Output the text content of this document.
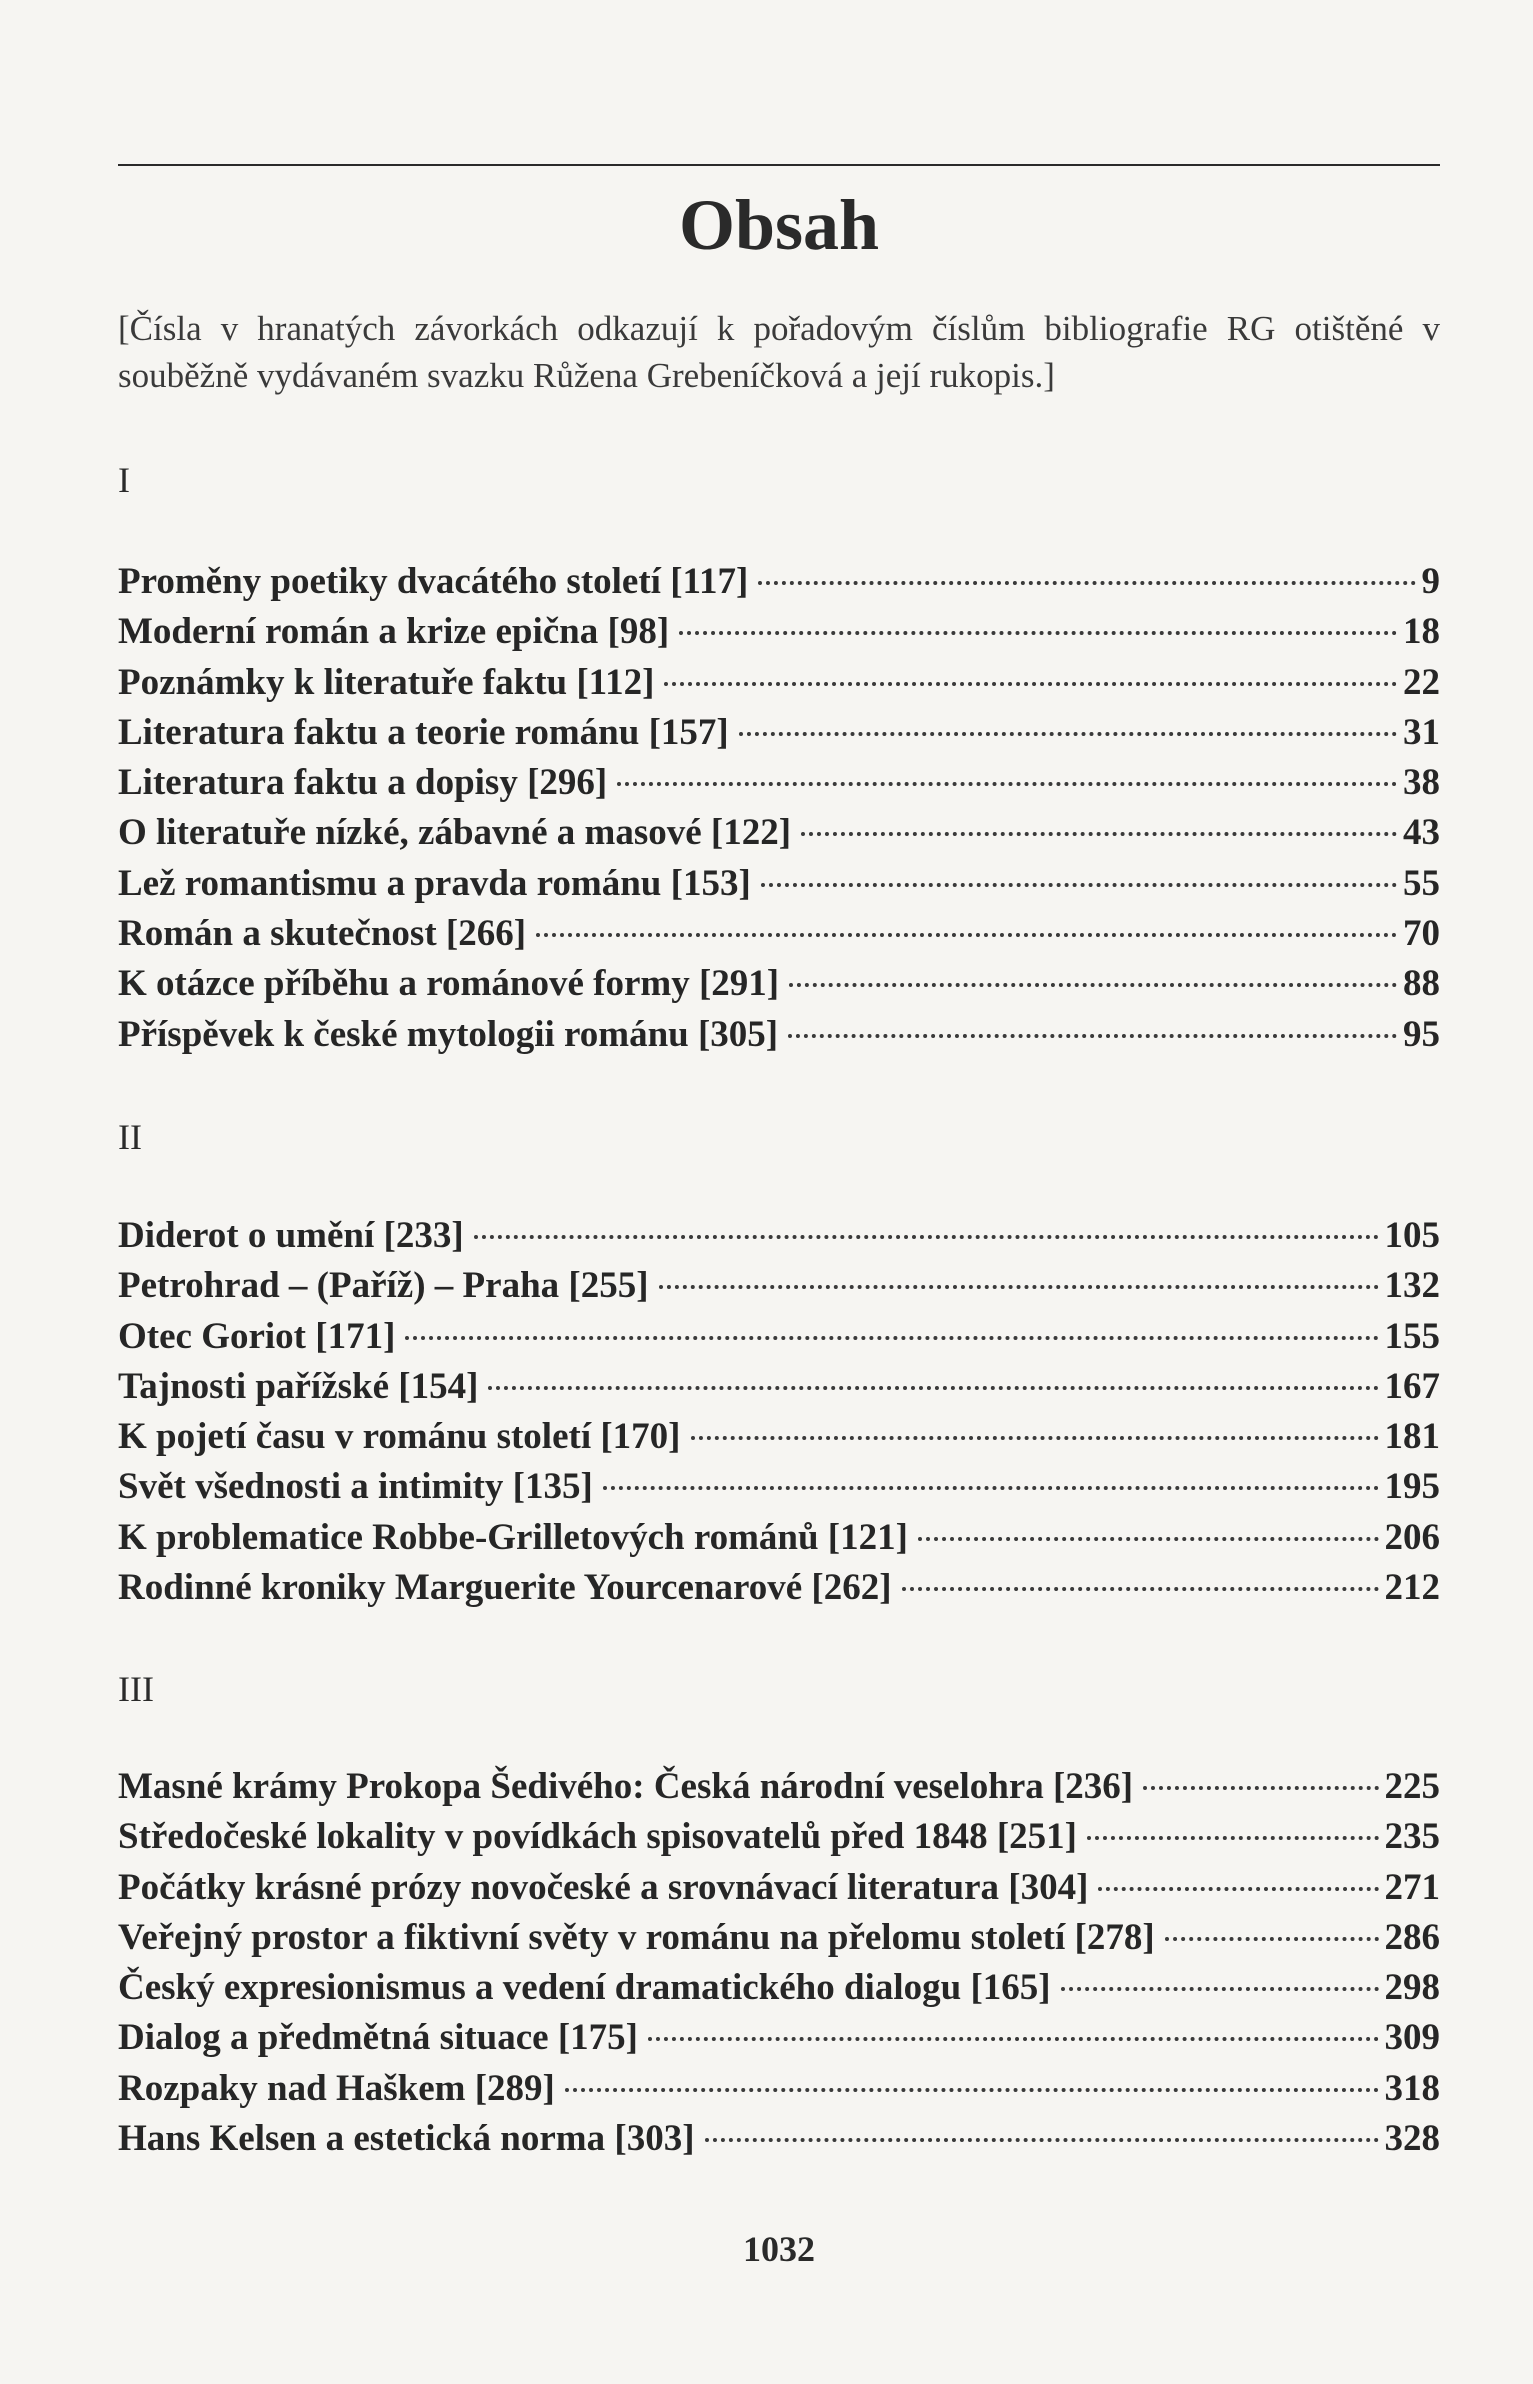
Obsah
[Čísla v hranatých závorkách odkazují k pořadovým číslům bibliografie RG otištěné v souběžně vydávaném svazku Růžena Grebeníčková a její rukopis.]
I
Proměny poetiky dvacátého století [117]	9
Moderní román a krize epična [98]	18
Poznámky k literatuře faktu [112]	22
Literatura faktu a teorie románu [157]	31
Literatura faktu a dopisy [296]	38
O literatuře nízké, zábavné a masové [122]	43
Lež romantismu a pravda románu [153]	55
Román a skutečnost [266]	70
K otázce příběhu a románové formy [291]	88
Příspěvek k české mytologii románu [305]	95
II
Diderot o umění [233]	105
Petrohrad – (Paříž) – Praha [255]	132
Otec Goriot [171]	155
Tajnosti pařížské [154]	167
K pojetí času v románu století [170]	181
Svět všednosti a intimity [135]	195
K problematice Robbe-Grilletových románů [121]	206
Rodinné kroniky Marguerite Yourcenarové [262]	212
III
Masné krámy Prokopa Šedivého: Česká národní veselohra [236]	225
Středočeské lokality v povídkách spisovatelů před 1848 [251]	235
Počátky krásné prózy novočeské a srovnávací literatura [304]	271
Veřejný prostor a fiktivní světy v románu na přelomu století [278]	286
Český expresionismus a vedení dramatického dialogu [165]	298
Dialog a předmětná situace [175]	309
Rozpaky nad Haškem [289]	318
Hans Kelsen a estetická norma [303]	328
1032
